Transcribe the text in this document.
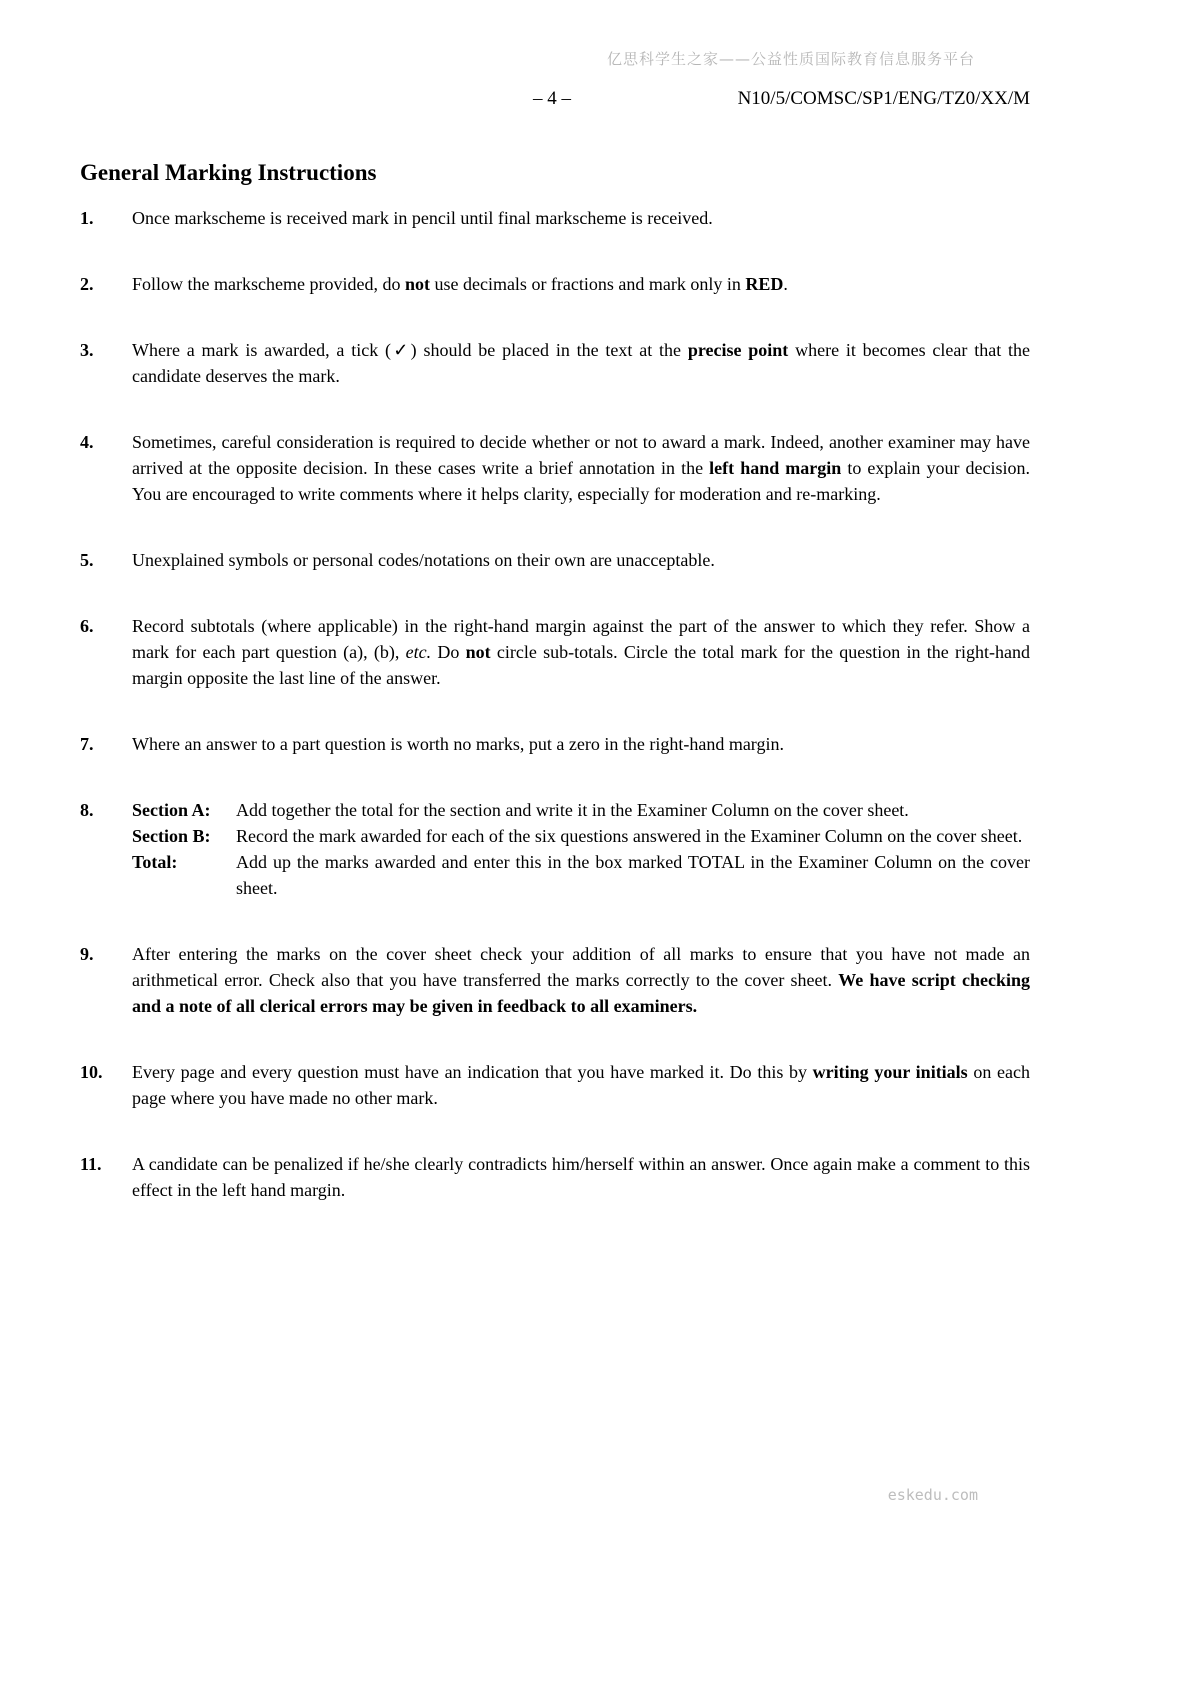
亿思科学生之家——公益性质国际教育信息服务平台
– 4 –	N10/5/COMSC/SP1/ENG/TZ0/XX/M
General Marking Instructions
1.	Once markscheme is received mark in pencil until final markscheme is received.
2.	Follow the markscheme provided, do not use decimals or fractions and mark only in RED.
3.	Where a mark is awarded, a tick (✓) should be placed in the text at the precise point where it becomes clear that the candidate deserves the mark.
4.	Sometimes, careful consideration is required to decide whether or not to award a mark. Indeed, another examiner may have arrived at the opposite decision. In these cases write a brief annotation in the left hand margin to explain your decision. You are encouraged to write comments where it helps clarity, especially for moderation and re-marking.
5.	Unexplained symbols or personal codes/notations on their own are unacceptable.
6.	Record subtotals (where applicable) in the right-hand margin against the part of the answer to which they refer. Show a mark for each part question (a), (b), etc. Do not circle sub-totals. Circle the total mark for the question in the right-hand margin opposite the last line of the answer.
7.	Where an answer to a part question is worth no marks, put a zero in the right-hand margin.
8.	Section A:	Add together the total for the section and write it in the Examiner Column on the cover sheet.
Section B:	Record the mark awarded for each of the six questions answered in the Examiner Column on the cover sheet.
Total:	Add up the marks awarded and enter this in the box marked TOTAL in the Examiner Column on the cover sheet.
9.	After entering the marks on the cover sheet check your addition of all marks to ensure that you have not made an arithmetical error. Check also that you have transferred the marks correctly to the cover sheet. We have script checking and a note of all clerical errors may be given in feedback to all examiners.
10.	Every page and every question must have an indication that you have marked it. Do this by writing your initials on each page where you have made no other mark.
11.	A candidate can be penalized if he/she clearly contradicts him/herself within an answer. Once again make a comment to this effect in the left hand margin.
eskedu.com
